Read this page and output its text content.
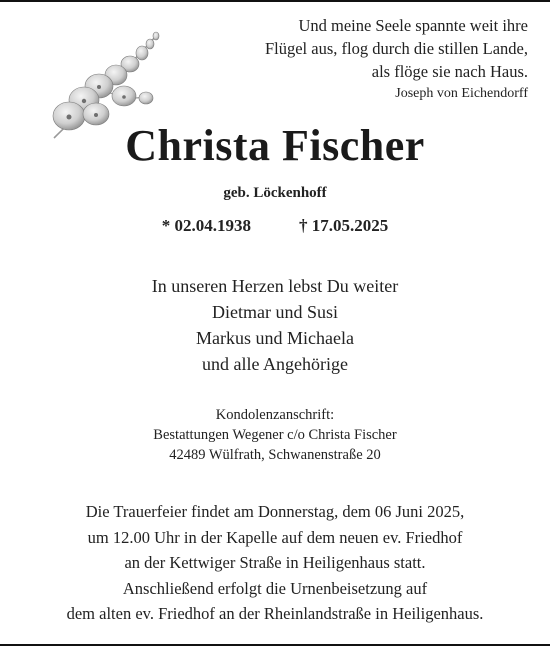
Und meine Seele spannte weit ihre
Flügel aus, flog durch die stillen Lande,
als flöge sie nach Haus.
Joseph von Eichendorff
Christa Fischer
geb. Löckenhoff
* 02.04.1938	† 17.05.2025
In unseren Herzen lebst Du weiter
Dietmar und Susi
Markus und Michaela
und alle Angehörige
Kondolenzanschrift:
Bestattungen Wegener c/o Christa Fischer
42489 Wülfrath, Schwanenstraße 20
Die Trauerfeier findet am Donnerstag, dem 06 Juni 2025,
um 12.00 Uhr in der Kapelle auf dem neuen ev. Friedhof
an der Kettwiger Straße in Heiligenhaus statt.
Anschließend erfolgt die Urnenbeisetzung auf
dem alten ev. Friedhof an der Rheinlandstraße in Heiligenhaus.
